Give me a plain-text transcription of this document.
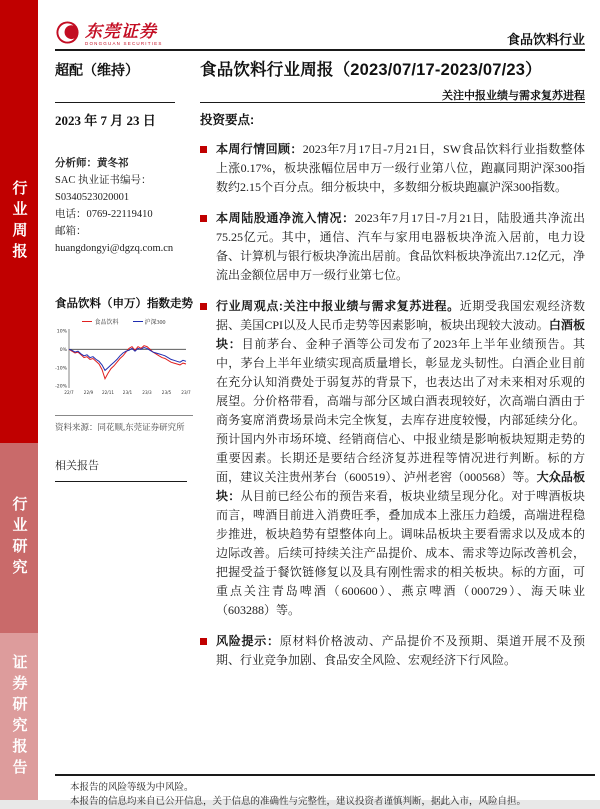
行业周报
行业研究
证券研究报告
东莞证券
DONGGUAN SECURITIES	食品饮料行业
超配（维持）	食品饮料行业周报（2023/07/17-2023/07/23）
关注中报业绩与需求复苏进程
2023 年 7 月 23 日
分析师：黄冬祁
SAC 执业证书编号：
S0340523020001
电话：0769-22119410
邮箱：
huangdongyi@dgzq.com.cn
食品饮料（申万）指数走势
食品饮料	沪深300
10%
0%
-10%
-20%
22/7 22/9 22/11 23/1 23/3 23/5 23/7
资料来源：同花顺,东莞证券研究所
相关报告
投资要点:
本周行情回顾：2023年7月17日-7月21日，SW食品饮料行业指数整体上涨0.17%，板块涨幅位居申万一级行业第八位，跑赢同期沪深300指数约2.15个百分点。细分板块中，多数细分板块跑赢沪深300指数。
本周陆股通净流入情况：2023年7月17日-7月21日，陆股通共净流出75.25亿元。其中，通信、汽车与家用电器板块净流入居前，电力设备、计算机与银行板块净流出居前。食品饮料板块净流出7.12亿元，净流出金额位居申万一级行业第七位。
行业周观点:关注中报业绩与需求复苏进程。近期受我国宏观经济数据、美国CPI以及人民币走势等因素影响，板块出现较大波动。白酒板块：目前茅台、金种子酒等公司发布了2023年上半年业绩预告。其中，茅台上半年业绩实现高质量增长，彰显龙头韧性。白酒企业目前在充分认知消费处于弱复苏的背景下，也表达出了对未来相对乐观的展望。分价格带看，高端与部分区域白酒表现较好，次高端白酒由于商务宴席消费场景尚未完全恢复，去库存进度较慢，内部延续分化。预计国内外市场环境、经销商信心、中报业绩是影响板块短期走势的重要因素。长期还是要结合经济复苏进程等情况进行判断。标的方面，建议关注贵州茅台（600519）、泸州老窖（000568）等。大众品板块：从目前已经公布的预告来看，板块业绩呈现分化。对于啤酒板块而言，啤酒目前进入消费旺季，叠加成本上涨压力趋缓，高端进程稳步推进，板块趋势有望整体向上。调味品板块主要看需求以及成本的边际改善。后续可持续关注产品提价、成本、需求等边际改善机会，把握受益于餐饮链修复以及具有刚性需求的相关板块。标的方面，可重点关注青岛啤酒（600600）、燕京啤酒（000729）、海天味业（603288）等。
风险提示：原材料价格波动、产品提价不及预期、渠道开展不及预期、行业竞争加剧、食品安全风险、宏观经济下行风险。
本报告的风险等级为中风险。
本报告的信息均来自已公开信息，关于信息的准确性与完整性，建议投资者谨慎判断，据此入市，风险自担。
